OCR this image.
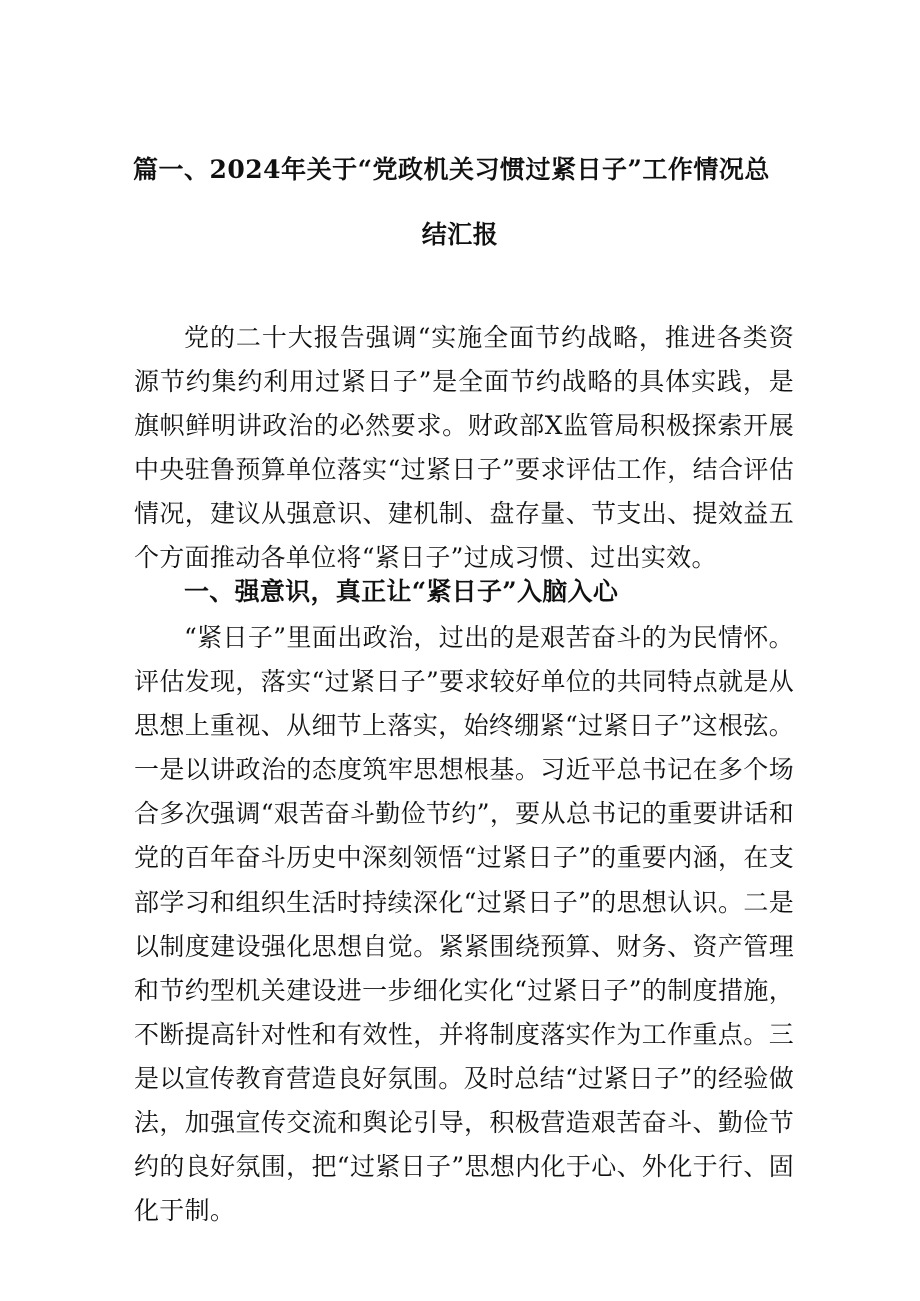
篇一、2024年关于“党政机关习惯过紧日子”工作情况总
结汇报
党的二十大报告强调“实施全面节约战略，推进各类资源节约集约利用过紧日子”是全面节约战略的具体实践，是旗帜鲜明讲政治的必然要求。财政部X监管局积极探索开展中央驻鲁预算单位落实“过紧日子”要求评估工作，结合评估情况，建议从强意识、建机制、盘存量、节支出、提效益五个方面推动各单位将“紧日子”过成习惯、过出实效。
一、强意识，真正让“紧日子”入脑入心
“紧日子”里面出政治，过出的是艰苦奋斗的为民情怀。评估发现，落实“过紧日子”要求较好单位的共同特点就是从思想上重视、从细节上落实，始终绷紧“过紧日子”这根弦。一是以讲政治的态度筑牢思想根基。习近平总书记在多个场合多次强调“艰苦奋斗勤俭节约”，要从总书记的重要讲话和党的百年奋斗历史中深刻领悟“过紧日子”的重要内涵，在支部学习和组织生活时持续深化“过紧日子”的思想认识。二是以制度建设强化思想自觉。紧紧围绕预算、财务、资产管理和节约型机关建设进一步细化实化“过紧日子”的制度措施，不断提高针对性和有效性，并将制度落实作为工作重点。三是以宣传教育营造良好氛围。及时总结“过紧日子”的经验做法，加强宣传交流和舆论引导，积极营造艰苦奋斗、勤俭节约的良好氛围，把“过紧日子”思想内化于心、外化于行、固化于制。
